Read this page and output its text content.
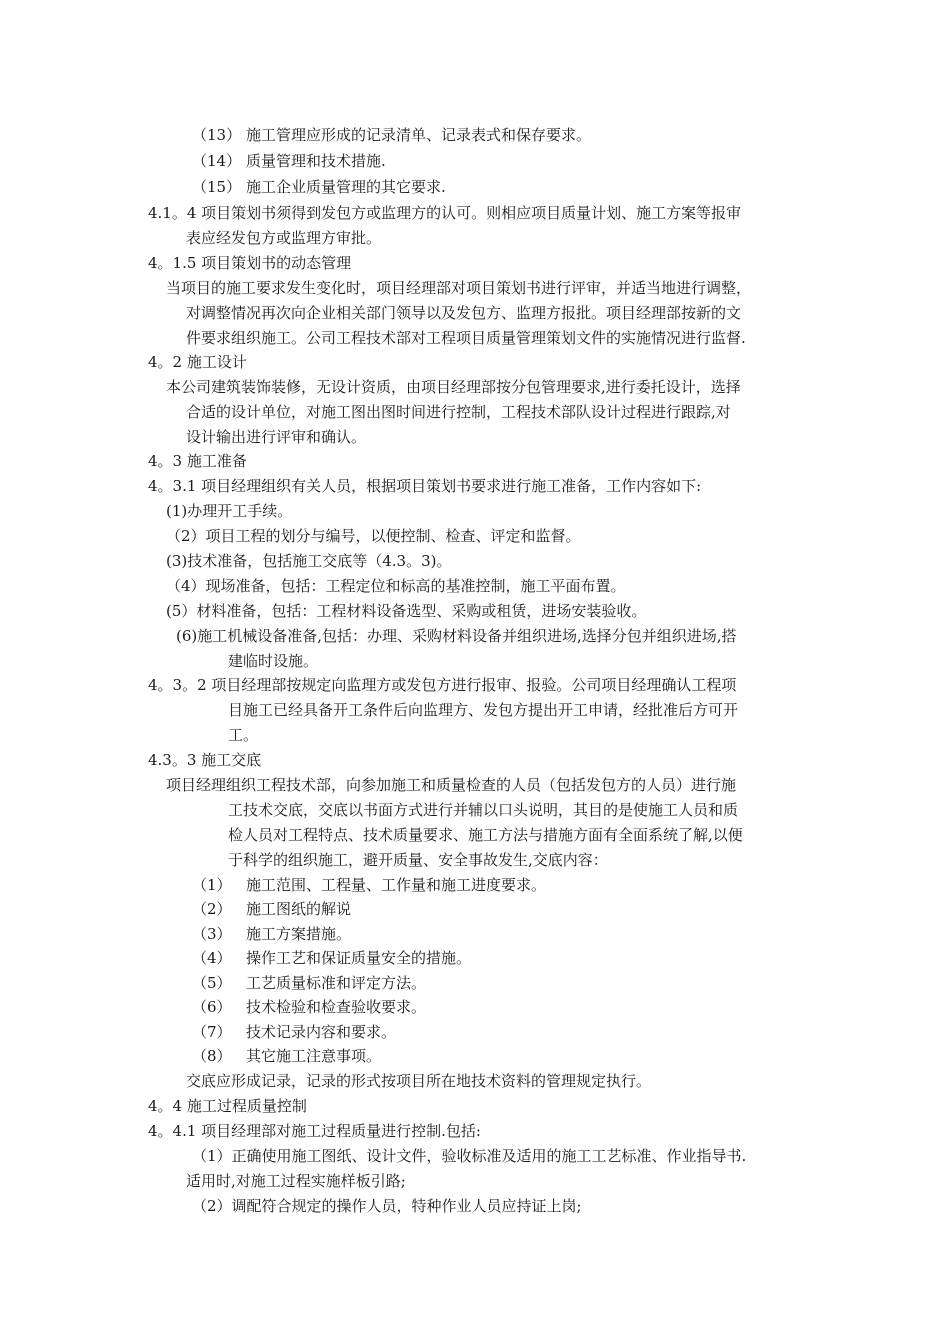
（13） 施工管理应形成的记录清单、记录表式和保存要求。
（14） 质量管理和技术措施.
（15） 施工企业质量管理的其它要求.
4.1。4 项目策划书须得到发包方或监理方的认可。则相应项目质量计划、施工方案等报审
表应经发包方或监理方审批。
4。1.5 项目策划书的动态管理
当项目的施工要求发生变化时，项目经理部对项目策划书进行评审，并适当地进行调整，
对调整情况再次向企业相关部门领导以及发包方、监理方报批。项目经理部按新的文
件要求组织施工。公司工程技术部对工程项目质量管理策划文件的实施情况进行监督.
4。2 施工设计
本公司建筑装饰装修，无设计资质，由项目经理部按分包管理要求,进行委托设计，选择
合适的设计单位，对施工图出图时间进行控制，工程技术部队设计过程进行跟踪,对
设计输出进行评审和确认。
4。3 施工准备
4。3.1 项目经理组织有关人员，根据项目策划书要求进行施工准备，工作内容如下:
(1)办理开工手续。
（2）项目工程的划分与编号，以便控制、检查、评定和监督。
(3)技术准备，包括施工交底等（4.3。3)。
（4）现场准备，包括：工程定位和标高的基准控制，施工平面布置。
(5）材料准备，包括：工程材料设备选型、采购或租赁，进场安装验收。
(6)施工机械设备准备,包括：办理、采购材料设备并组织进场,选择分包并组织进场,搭
建临时设施。
4。3。2 项目经理部按规定向监理方或发包方进行报审、报验。公司项目经理确认工程项
目施工已经具备开工条件后向监理方、发包方提出开工申请，经批准后方可开
工。
4.3。3 施工交底
项目经理组织工程技术部，向参加施工和质量检查的人员（包括发包方的人员）进行施
工技术交底，交底以书面方式进行并辅以口头说明，其目的是使施工人员和质
检人员对工程特点、技术质量要求、施工方法与措施方面有全面系统了解,以便
于科学的组织施工，避开质量、安全事故发生,交底内容：
（1） 施工范围、工程量、工作量和施工进度要求。
（2） 施工图纸的解说
（3） 施工方案措施。
（4） 操作工艺和保证质量安全的措施。
（5） 工艺质量标准和评定方法。
（6） 技术检验和检查验收要求。
（7） 技术记录内容和要求。
（8） 其它施工注意事项。
交底应形成记录，记录的形式按项目所在地技术资料的管理规定执行。
4。4 施工过程质量控制
4。4.1 项目经理部对施工过程质量进行控制.包括:
（1）正确使用施工图纸、设计文件，验收标准及适用的施工工艺标准、作业指导书.
适用时,对施工过程实施样板引路;
（2）调配符合规定的操作人员，特种作业人员应持证上岗;
